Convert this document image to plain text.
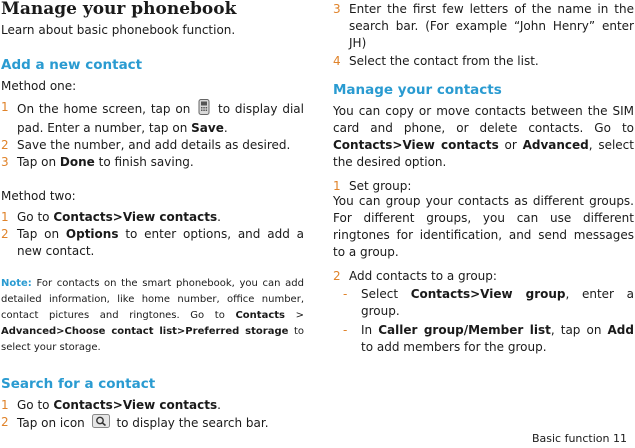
Manage your phonebook

Learn about basic phonebook function.

Add a new contact

Method one:

1 On the home screen, tap on to display dial pad. Enter a number, tap on Save.
2 Save the number, and add details as desired.
3 Tap on Done to finish saving.

Method two:

1 Go to Contacts>View contacts.
2 Tap on Options to enter options, and add a new contact.

Note: For contacts on the smart phonebook, you can add detailed information, like home number, office number, contact pictures and ringtones. Go to Contacts > Advanced>Choose contact list>Preferred storage to select your storage.

Search for a contact
1 Go to Contacts>View contacts.
2 Tap on icon	to display the search bar.
3 Enter the first few letters of the name in the search bar. (For example “John Henry” enter JH)
4 Select the contact from the list.
Manage your contacts

You can copy or move contacts between the SIM card and phone, or delete contacts. Go to Contacts>View contacts or Advanced, select the desired option.

1 Set group:

You can group your contacts as different groups. For different groups, you can use different ringtones for identification, and send messages to a group.

2 Add contacts to a group:
-	Select Contacts>View group, enter a group.
-	In Caller group/Member list, tap on Add to add members for the group.
Basic function 11
